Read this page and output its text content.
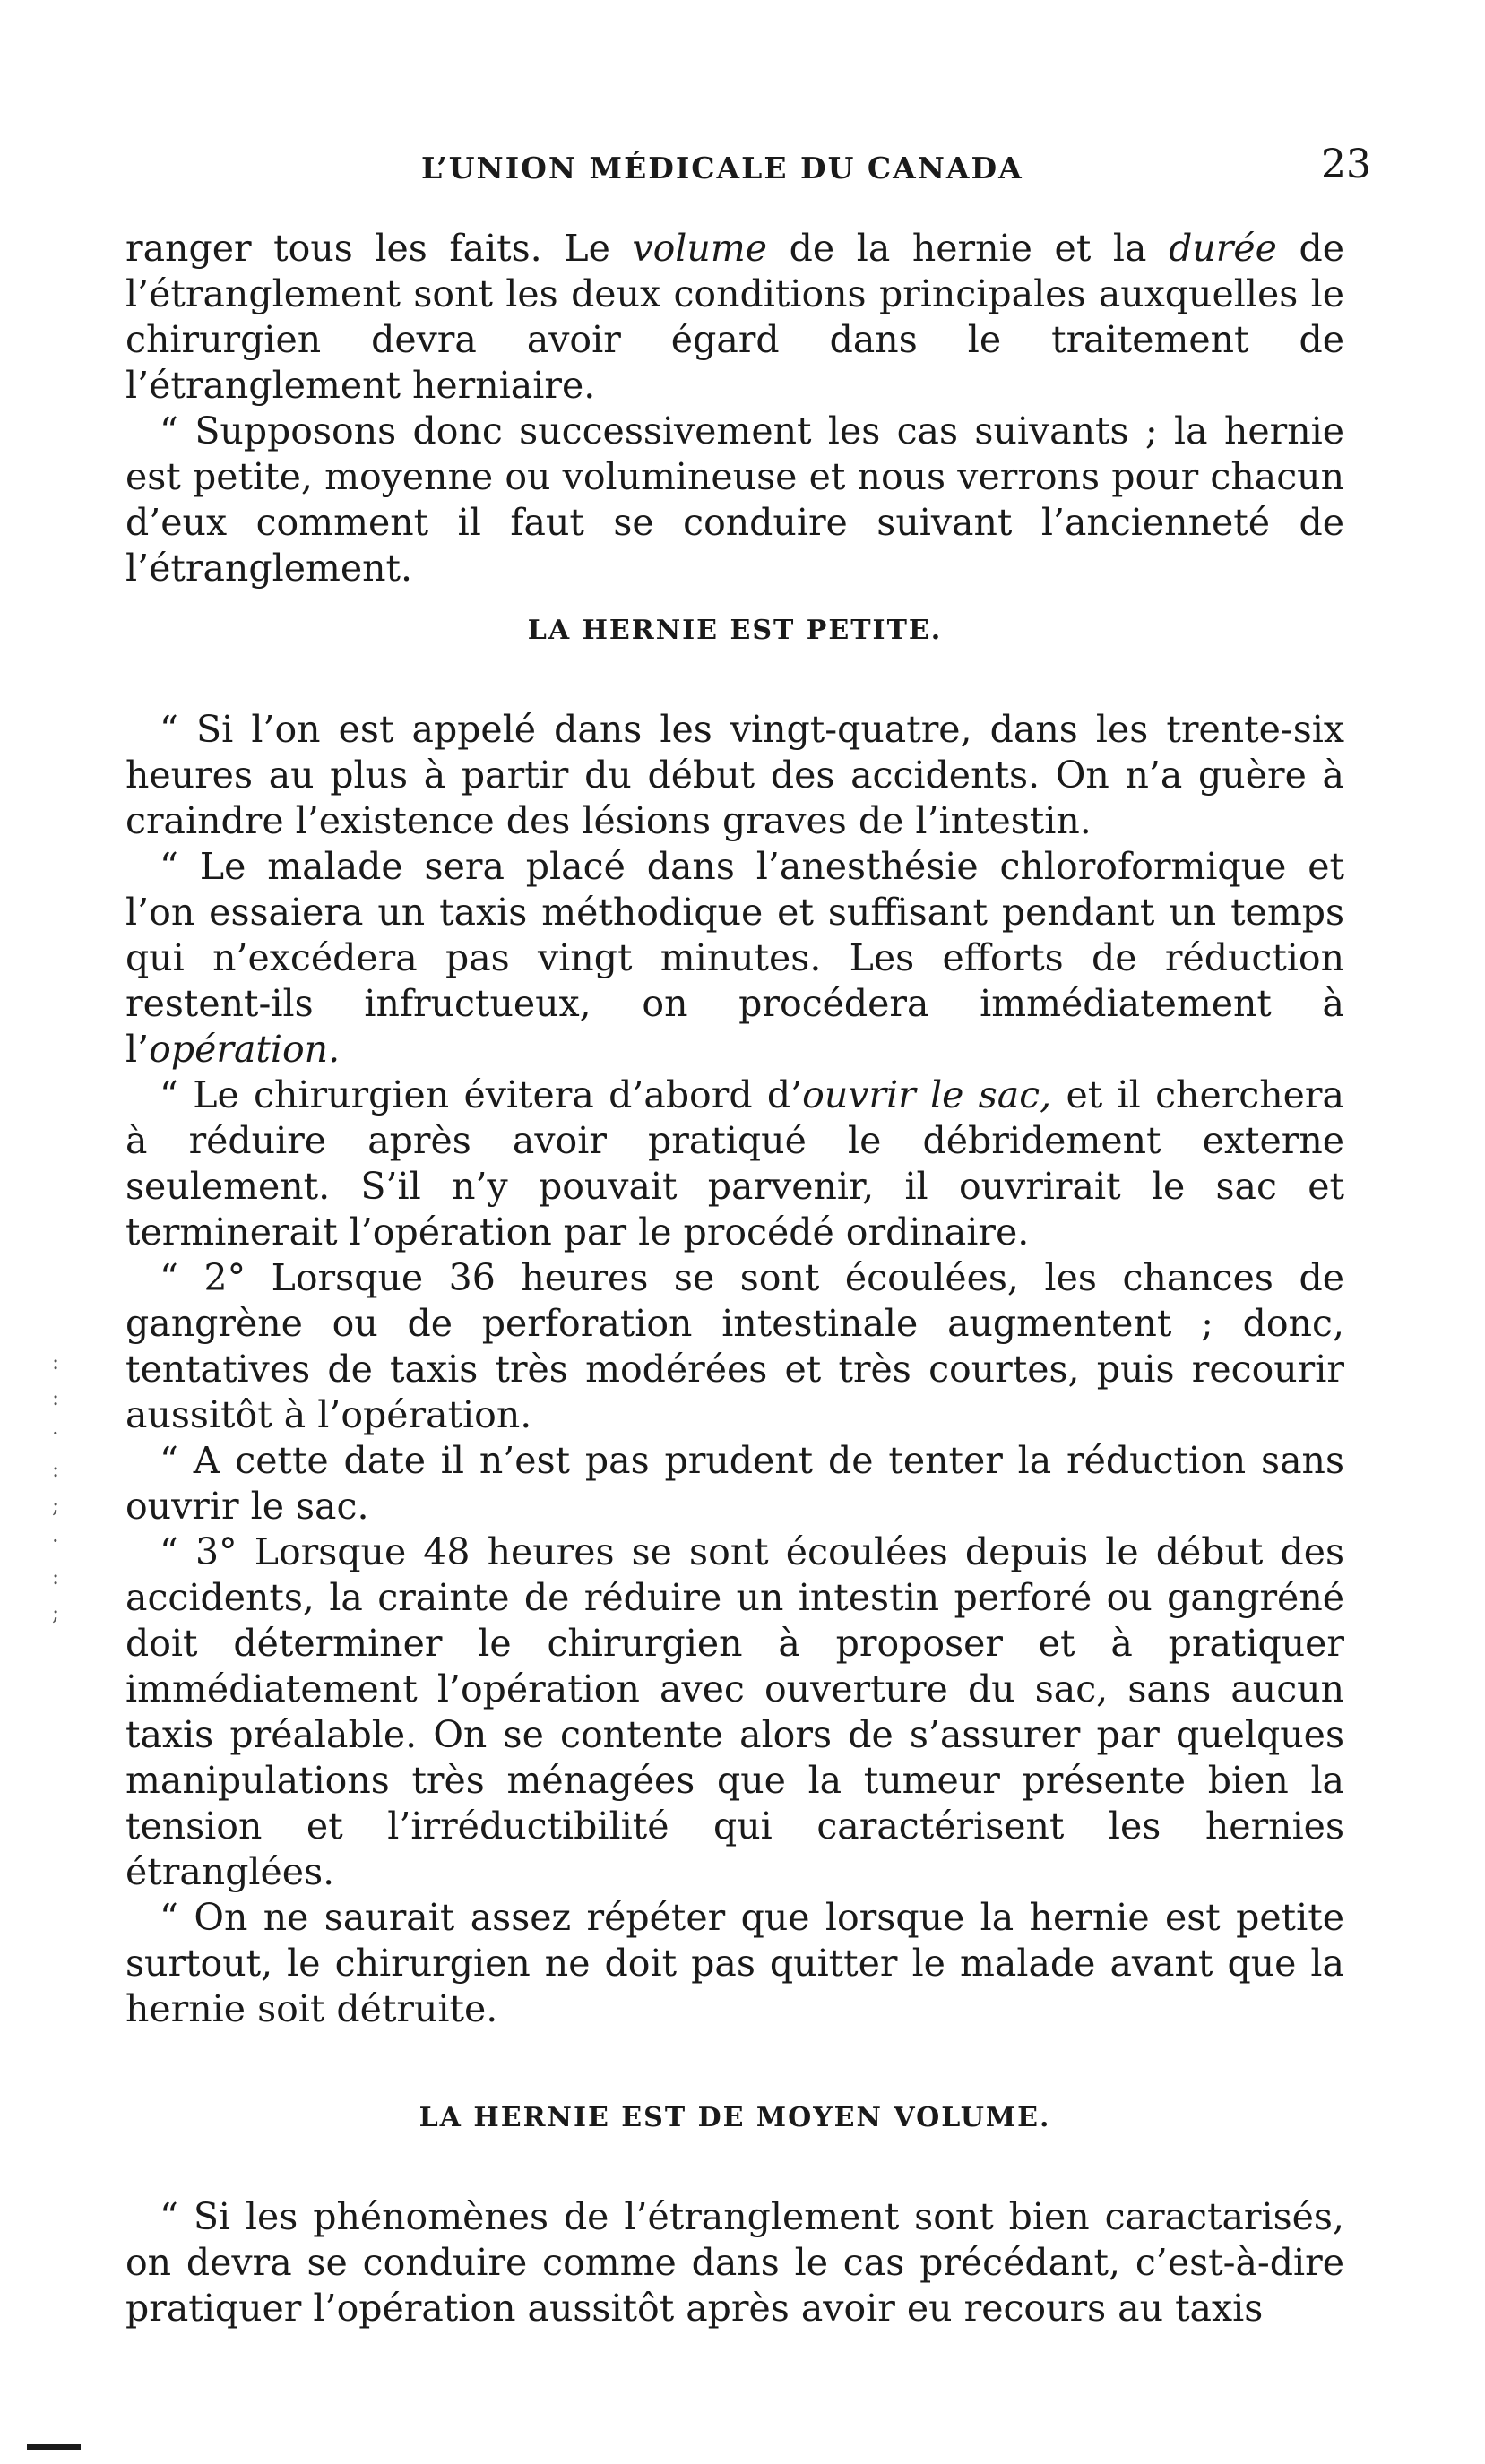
L’UNION MÉDICALE DU CANADA	23

ranger tous les faits. Le volume de la hernie et la durée de l’étranglement sont les deux conditions principales auxquelles le chirurgien devra avoir égard dans le traitement de l’étranglement herniaire.

“ Supposons donc successivement les cas suivants ; la hernie est petite, moyenne ou volumineuse et nous verrons pour chacun d’eux comment il faut se conduire suivant l’ancienneté de l’étranglement.

LA HERNIE EST PETITE.

“ Si l’on est appelé dans les vingt-quatre, dans les trente-six heures au plus à partir du début des accidents. On n’a guère à craindre l’existence des lésions graves de l’intestin.

“ Le malade sera placé dans l’anesthésie chloroformique et l’on essaiera un taxis méthodique et suffisant pendant un temps qui n’excédera pas vingt minutes. Les efforts de réduction restent-ils infructueux, on procédera immédiatement à l’opération.

“ Le chirurgien évitera d’abord d’ouvrir le sac, et il cherchera à réduire après avoir pratiqué le débridement externe seulement. S’il n’y pouvait parvenir, il ouvrirait le sac et terminerait l’opération par le procédé ordinaire.

“ 2° Lorsque 36 heures se sont écoulées, les chances de gangrène ou de perforation intestinale augmentent ; donc, tentatives de taxis très modérées et très courtes, puis recourir aussitôt à l’opération.

“ A cette date il n’est pas prudent de tenter la réduction sans ouvrir le sac.

“ 3° Lorsque 48 heures se sont écoulées depuis le début des accidents, la crainte de réduire un intestin perforé ou gangréné doit déterminer le chirurgien à proposer et à pratiquer immédiatement l’opération avec ouverture du sac, sans aucun taxis préalable. On se contente alors de s’assurer par quelques manipulations très ménagées que la tumeur présente bien la tension et l’irréductibilité qui caractérisent les hernies étranglées.

“ On ne saurait assez répéter que lorsque la hernie est petite surtout, le chirurgien ne doit pas quitter le malade avant que la hernie soit détruite.

LA HERNIE EST DE MOYEN VOLUME.

“ Si les phénomènes de l’étranglement sont bien caractarisés, on devra se conduire comme dans le cas précédant, c’est-à-dire pratiquer l’opération aussitôt après avoir eu recours au taxis

:
:
·
:
;
·
:
;
